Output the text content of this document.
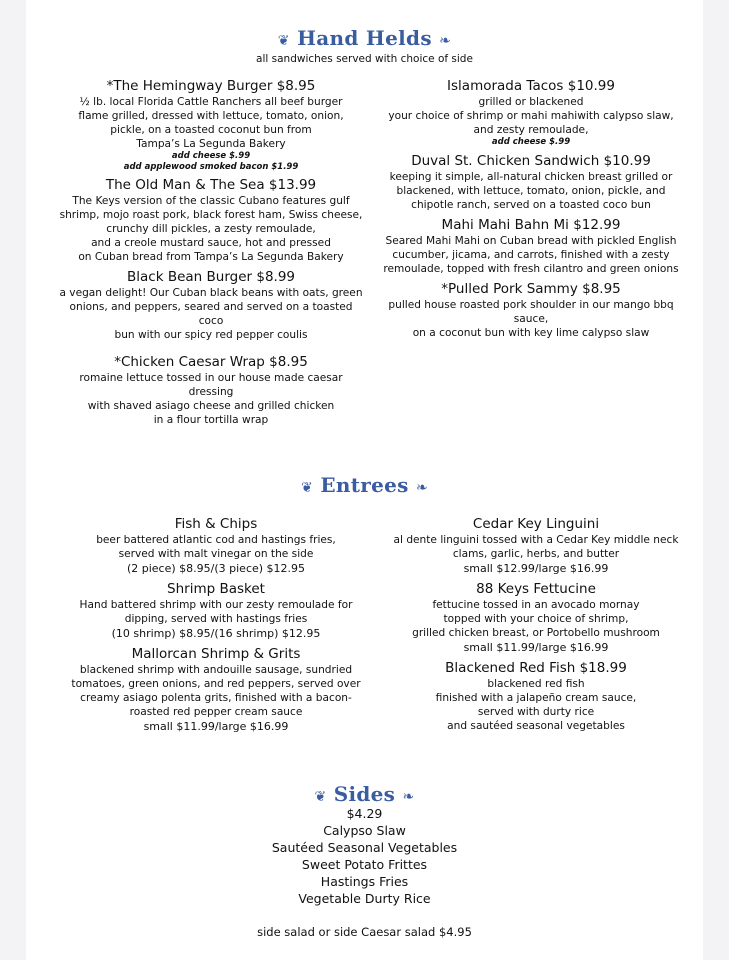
❦ Hand Helds ❧
all sandwiches served with choice of side
*The Hemingway Burger $8.95
½ lb. local Florida Cattle Ranchers all beef burger
flame grilled, dressed with lettuce, tomato, onion,
pickle, on a toasted coconut bun from
Tampa’s La Segunda Bakery
add cheese $.99
add applewood smoked bacon $1.99
The Old Man & The Sea $13.99
The Keys version of the classic Cubano features gulf
shrimp, mojo roast pork, black forest ham, Swiss cheese,
crunchy dill pickles, a zesty remoulade,
and a creole mustard sauce, hot and pressed
on Cuban bread from Tampa’s La Segunda Bakery
Black Bean Burger $8.99
a vegan delight! Our Cuban black beans with oats, green
onions, and peppers, seared and served on a toasted coco
bun with our spicy red pepper coulis
*Chicken Caesar Wrap $8.95
romaine lettuce tossed in our house made caesar dressing
with shaved asiago cheese and grilled chicken
in a flour tortilla wrap
Islamorada Tacos $10.99
grilled or blackened
your choice of shrimp or mahi mahiwith calypso slaw,
and zesty remoulade,
add cheese $.99
Duval St. Chicken Sandwich $10.99
keeping it simple, all-natural chicken breast grilled or
blackened, with lettuce, tomato, onion, pickle, and
chipotle ranch, served on a toasted coco bun
Mahi Mahi Bahn Mi $12.99
Seared Mahi Mahi on Cuban bread with pickled English
cucumber, jicama, and carrots, finished with a zesty
remoulade, topped with fresh cilantro and green onions
*Pulled Pork Sammy $8.95
pulled house roasted pork shoulder in our mango bbq sauce,
on a coconut bun with key lime calypso slaw
❦ Entrees ❧
Fish & Chips
beer battered atlantic cod and hastings fries,
served with malt vinegar on the side
(2 piece) $8.95/(3 piece) $12.95
Shrimp Basket
Hand battered shrimp with our zesty remoulade for
dipping, served with hastings fries
(10 shrimp) $8.95/(16 shrimp) $12.95
Mallorcan Shrimp & Grits
blackened shrimp with andouille sausage, sundried
tomatoes, green onions, and red peppers, served over
creamy asiago polenta grits, finished with a bacon-
roasted red pepper cream sauce
small $11.99/large $16.99
Cedar Key Linguini
al dente linguini tossed with a Cedar Key middle neck
clams, garlic, herbs, and butter
small $12.99/large $16.99
88 Keys Fettucine
fettucine tossed in an avocado mornay
topped with your choice of shrimp,
grilled chicken breast, or Portobello mushroom
small $11.99/large $16.99
Blackened Red Fish $18.99
blackened red fish
finished with a jalapeño cream sauce,
served with durty rice
and sautéed seasonal vegetables
❦ Sides ❧
$4.29
Calypso Slaw
Sautéed Seasonal Vegetables
Sweet Potato Frittes
Hastings Fries
Vegetable Durty Rice
side salad or side Caesar salad $4.95
